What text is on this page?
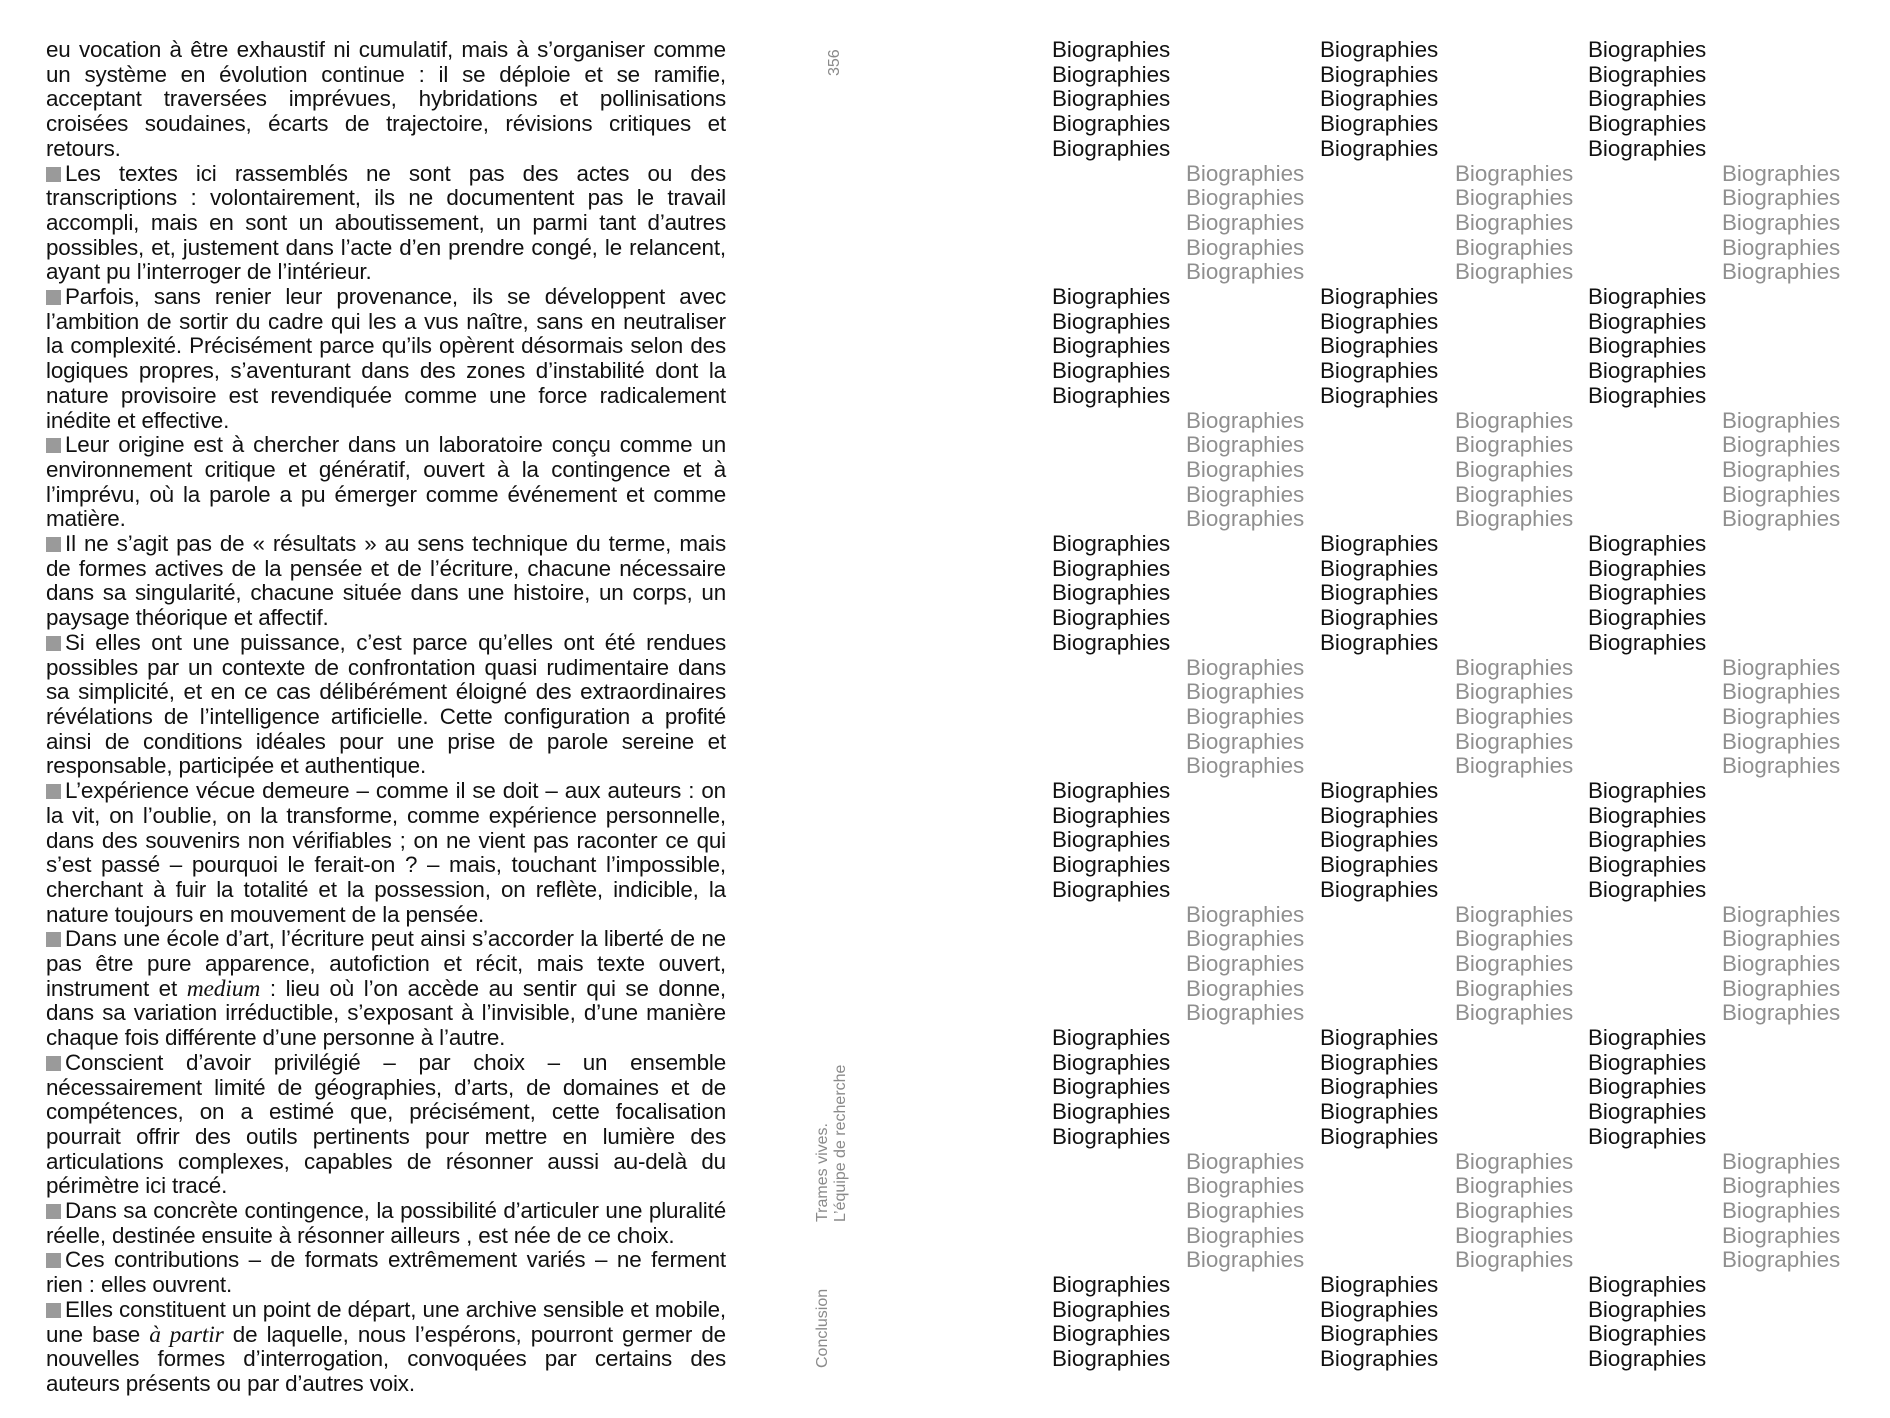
eu vocation à être exhaustif ni cumulatif, mais à s’organiser comme un système en évolution continue : il se déploie et se ramifie, acceptant traversées imprévues, hybridations et pollinisations croisées soudaines, écarts de trajectoire, révisions critiques et retours.

Les textes ici rassemblés ne sont pas des actes ou des transcriptions : volontairement, ils ne documentent pas le travail accompli, mais en sont un aboutissement, un parmi tant d’autres possibles, et, justement dans l’acte d’en prendre congé, le relancent, ayant pu l’interroger de l’intérieur.

Parfois, sans renier leur provenance, ils se développent avec l’ambition de sortir du cadre qui les a vus naître, sans en neutraliser la complexité. Précisément parce qu’ils opèrent désormais selon des logiques propres, s’aventurant dans des zones d’instabilité dont la nature provisoire est revendiquée comme une force radicalement inédite et effective.

Leur origine est à chercher dans un laboratoire conçu comme un environnement critique et génératif, ouvert à la contingence et à l’imprévu, où la parole a pu émerger comme événement et comme matière.

Il ne s’agit pas de « résultats » au sens technique du terme, mais de formes actives de la pensée et de l’écriture, chacune nécessaire dans sa singularité, chacune située dans une histoire, un corps, un paysage théorique et affectif.

Si elles ont une puissance, c’est parce qu’elles ont été rendues possibles par un contexte de confrontation quasi rudimentaire dans sa simplicité, et en ce cas délibérément éloigné des extraordinaires révélations de l’intelligence artificielle. Cette configuration a profité ainsi de conditions idéales pour une prise de parole sereine et responsable, participée et authentique.

L’expérience vécue demeure – comme il se doit – aux auteurs : on la vit, on l’oublie, on la transforme, comme expérience personnelle, dans des souvenirs non vérifiables ; on ne vient pas raconter ce qui s’est passé – pourquoi le ferait-on ? – mais, touchant l’impossible, cherchant à fuir la totalité et la possession, on reflète, indicible, la nature toujours en mouvement de la pensée.

Dans une école d’art, l’écriture peut ainsi s’accorder la liberté de ne pas être pure apparence, autofiction et récit, mais texte ouvert, instrument et medium : lieu où l’on accède au sentir qui se donne, dans sa variation irréductible, s’exposant à l’invisible, d’une manière chaque fois différente d’une personne à l’autre.

Conscient d’avoir privilégié – par choix – un ensemble nécessairement limité de géographies, d’arts, de domaines et de compétences, on a estimé que, précisément, cette focalisation pourrait offrir des outils pertinents pour mettre en lumière des articulations complexes, capables de résonner aussi au-delà du périmètre ici tracé.

Dans sa concrète contingence, la possibilité d’articuler une pluralité réelle, destinée ensuite à résonner ailleurs , est née de ce choix.

Ces contributions – de formats extrêmement variés – ne ferment rien : elles ouvrent.

Elles constituent un point de départ, une archive sensible et mobile, une base à partir de laquelle, nous l’espérons, pourront germer de nouvelles formes d’interrogation, convoquées par certains des auteurs présents ou par d’autres voix.

356
Trames vives. L’équipe de recherche
Conclusion
Biographies	Biographies	Biographies
Biographies	Biographies	Biographies
Biographies	Biographies	Biographies
Biographies	Biographies	Biographies
Biographies	Biographies	Biographies
Biographies	Biographies	Biographies
Biographies	Biographies	Biographies
Biographies	Biographies	Biographies
Biographies	Biographies	Biographies
Biographies	Biographies	Biographies
Biographies	Biographies	Biographies
Biographies	Biographies	Biographies
Biographies	Biographies	Biographies
Biographies	Biographies	Biographies
Biographies	Biographies	Biographies
Biographies	Biographies	Biographies
Biographies	Biographies	Biographies
Biographies	Biographies	Biographies
Biographies	Biographies	Biographies
Biographies	Biographies	Biographies
Biographies	Biographies	Biographies
Biographies	Biographies	Biographies
Biographies	Biographies	Biographies
Biographies	Biographies	Biographies
Biographies	Biographies	Biographies
Biographies	Biographies	Biographies
Biographies	Biographies	Biographies
Biographies	Biographies	Biographies
Biographies	Biographies	Biographies
Biographies	Biographies	Biographies
Biographies	Biographies	Biographies
Biographies	Biographies	Biographies
Biographies	Biographies	Biographies
Biographies	Biographies	Biographies
Biographies	Biographies	Biographies
Biographies	Biographies	Biographies
Biographies	Biographies	Biographies
Biographies	Biographies	Biographies
Biographies	Biographies	Biographies
Biographies	Biographies	Biographies
Biographies	Biographies	Biographies
Biographies	Biographies	Biographies
Biographies	Biographies	Biographies
Biographies	Biographies	Biographies
Biographies	Biographies	Biographies
Biographies	Biographies	Biographies
Biographies	Biographies	Biographies
Biographies	Biographies	Biographies
Biographies	Biographies	Biographies
Biographies	Biographies	Biographies
Biographies	Biographies	Biographies
Biographies	Biographies	Biographies
Biographies	Biographies	Biographies
Biographies	Biographies	Biographies
